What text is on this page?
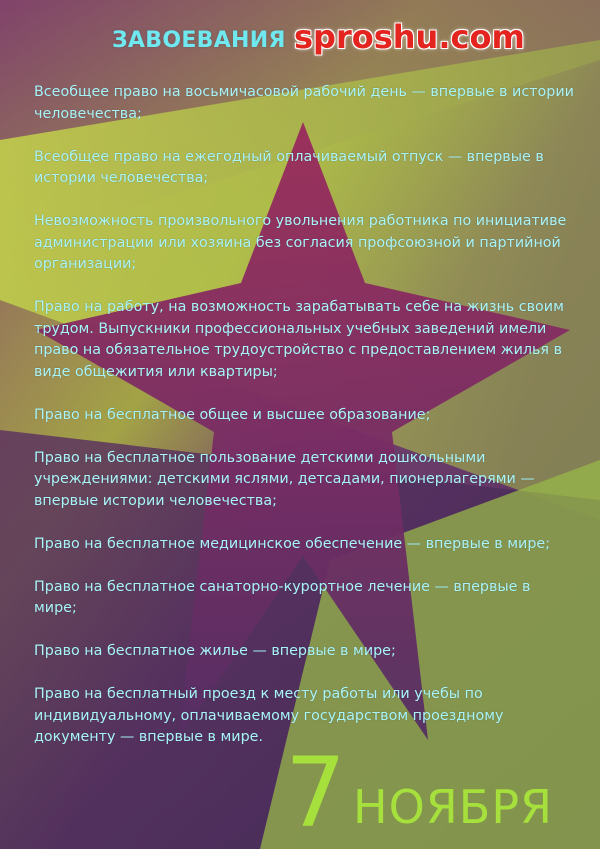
ЗАВОЕВАНИЯ sproshu.com
Всеобщее право на восьмичасовой рабочий день — впервые в истории человечества;
Всеобщее право на ежегодный оплачиваемый отпуск — впервые в истории человечества;
Невозможность произвольного увольнения работника по инициативе администрации или хозяина без согласия профсоюзной и партийной организации;
Право на работу, на возможность зарабатывать себе на жизнь своим трудом. Выпускники профессиональных учебных заведений имели право на обязательное трудоустройство с предоставлением жилья в виде общежития или квартиры;
Право на бесплатное общее и высшее образование;
Право на бесплатное пользование детскими дошкольными учреждениями: детскими яслями, детсадами, пионерлагерями — впервые истории человечества;
Право на бесплатное медицинское обеспечение — впервые в мире;
Право на бесплатное санаторно-курортное лечение — впервые в мире;
Право на бесплатное жилье — впервые в мире;
Право на бесплатный проезд к месту работы или учебы по индивидуальному, оплачиваемому государством проездному документу — впервые в мире. 7 НОЯБРЯ
